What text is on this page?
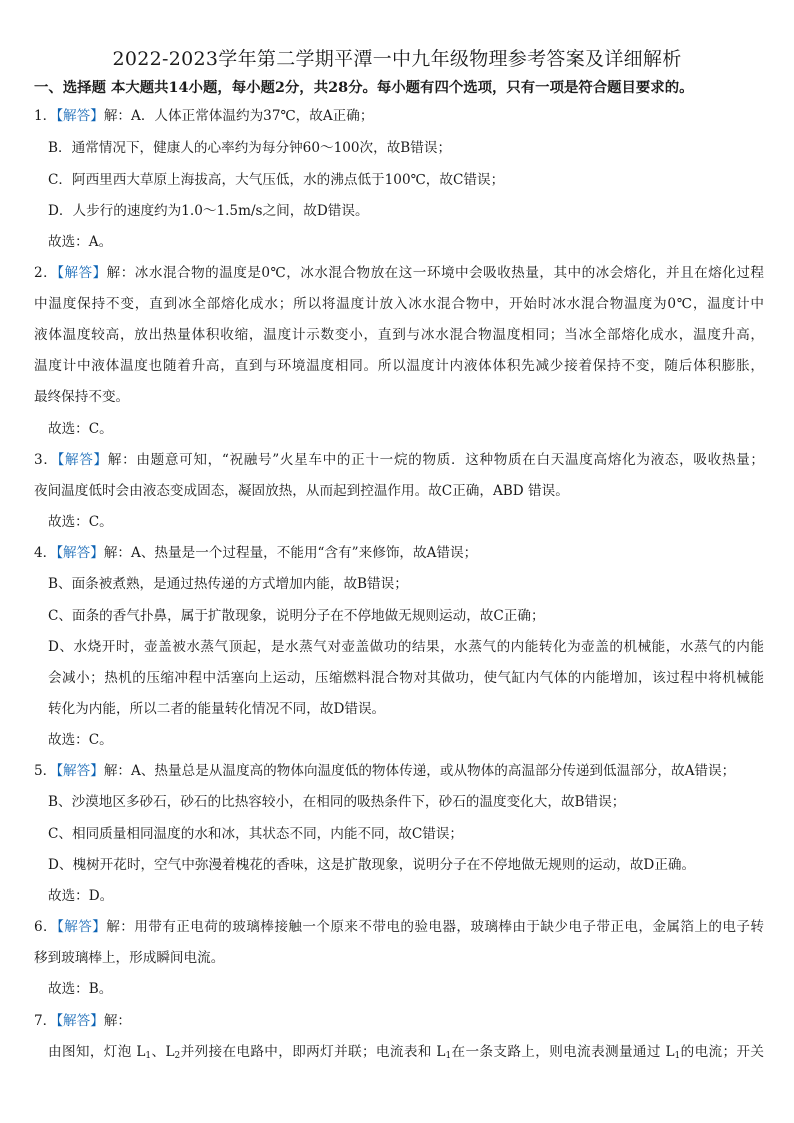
2022-2023学年第二学期平潭一中九年级物理参考答案及详细解析
一、选择题 本大题共14小题，每小题2分，共28分。每小题有四个选项，只有一项是符合题目要求的。
1．【解答】解：A．人体正常体温约为37℃，故A正确；
B．通常情况下，健康人的心率约为每分钟60～100次，故B错误；
C．阿西里西大草原上海拔高，大气压低，水的沸点低于100℃，故C错误；
D．人步行的速度约为1.0～1.5m/s之间，故D错误。
故选：A。
2．【解答】解：冰水混合物的温度是0℃，冰水混合物放在这一环境中会吸收热量，其中的冰会熔化，并且在熔化过程
中温度保持不变，直到冰全部熔化成水；所以将温度计放入冰水混合物中，开始时冰水混合物温度为0℃，温度计中
液体温度较高，放出热量体积收缩，温度计示数变小，直到与冰水混合物温度相同；当冰全部熔化成水，温度升高，
温度计中液体温度也随着升高，直到与环境温度相同。所以温度计内液体体积先减少接着保持不变，随后体积膨胀，
最终保持不变。
故选：C。
3．【解答】解：由题意可知，“祝融号”火星车中的正十一烷的物质．这种物质在白天温度高熔化为液态，吸收热量；
夜间温度低时会由液态变成固态，凝固放热，从而起到控温作用。故C正确，ABD 错误。
故选：C。
4．【解答】解：A、热量是一个过程量，不能用“含有”来修饰，故A错误；
B、面条被煮熟，是通过热传递的方式增加内能，故B错误；
C、面条的香气扑鼻，属于扩散现象，说明分子在不停地做无规则运动，故C正确；
D、水烧开时，壶盖被水蒸气顶起，是水蒸气对壶盖做功的结果，水蒸气的内能转化为壶盖的机械能，水蒸气的内能
会减小；热机的压缩冲程中活塞向上运动，压缩燃料混合物对其做功，使气缸内气体的内能增加，该过程中将机械能
转化为内能，所以二者的能量转化情况不同，故D错误。
故选：C。
5．【解答】解：A、热量总是从温度高的物体向温度低的物体传递，或从物体的高温部分传递到低温部分，故A错误；
B、沙漠地区多砂石，砂石的比热容较小，在相同的吸热条件下，砂石的温度变化大，故B错误；
C、相同质量相同温度的水和冰，其状态不同，内能不同，故C错误；
D、槐树开花时，空气中弥漫着槐花的香味，这是扩散现象，说明分子在不停地做无规则的运动，故D正确。
故选：D。
6．【解答】解：用带有正电荷的玻璃棒接触一个原来不带电的验电器，玻璃棒由于缺少电子带正电，金属箔上的电子转
移到玻璃棒上，形成瞬间电流。
故选：B。
7．【解答】解：
由图知，灯泡 $L_1$、$L_2$并列接在电路中，即两灯并联；电流表和 $L_1$在一条支路上，则电流表测量通过 $L_1$的电流；开关
